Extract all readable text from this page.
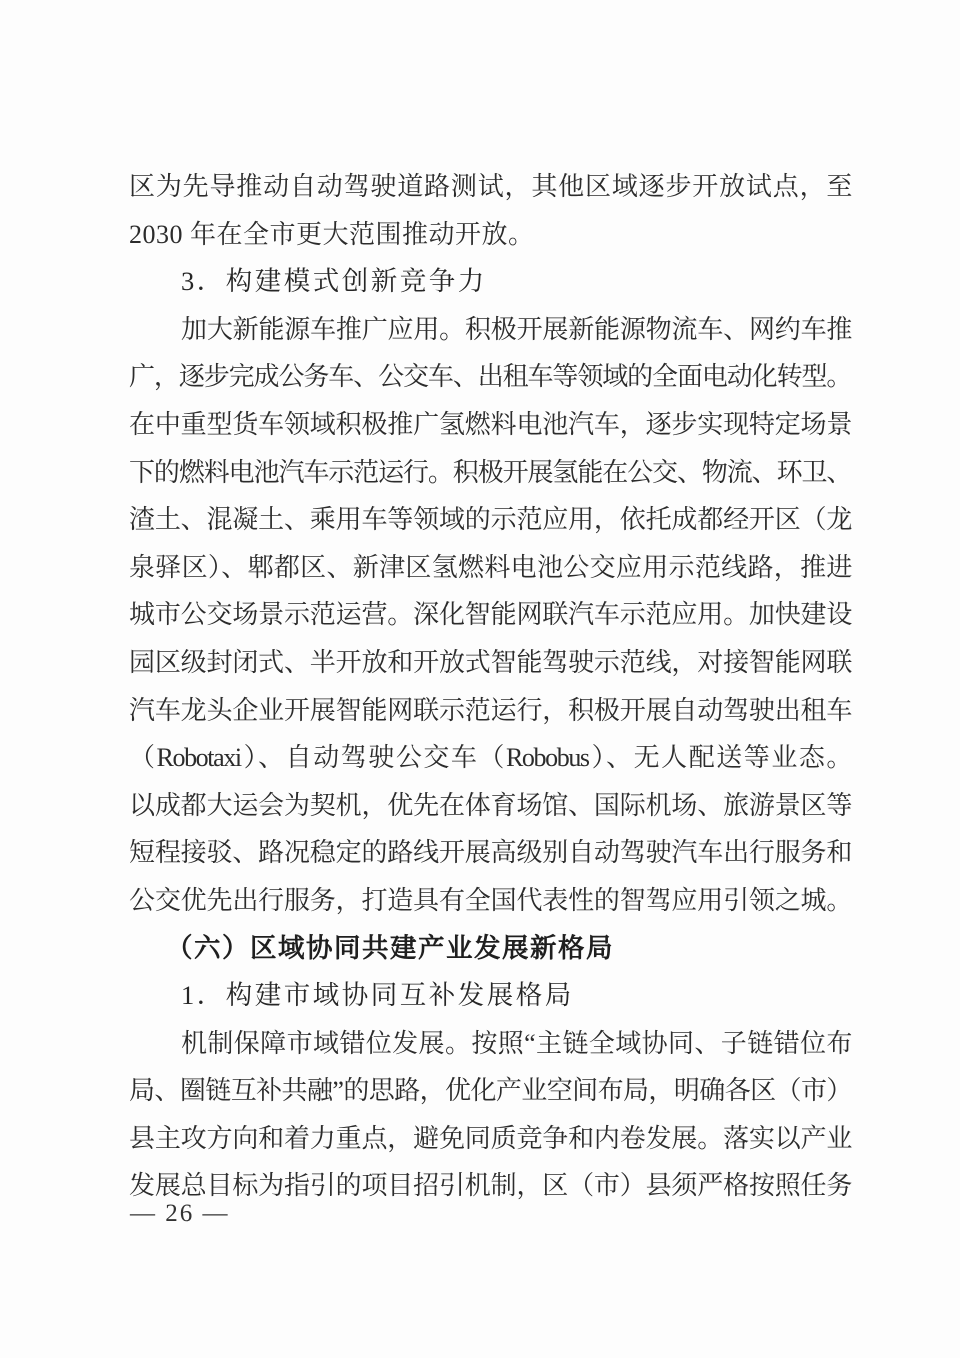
区为先导推动自动驾驶道路测试，其他区域逐步开放试点，至
2030 年在全市更大范围推动开放。
3．构建模式创新竞争力
加大新能源车推广应用。积极开展新能源物流车、网约车推
广，逐步完成公务车、公交车、出租车等领域的全面电动化转型。
在中重型货车领域积极推广氢燃料电池汽车，逐步实现特定场景
下的燃料电池汽车示范运行。积极开展氢能在公交、物流、环卫、
渣土、混凝土、乘用车等领域的示范应用，依托成都经开区（龙
泉驿区）、郫都区、新津区氢燃料电池公交应用示范线路，推进
城市公交场景示范运营。深化智能网联汽车示范应用。加快建设
园区级封闭式、半开放和开放式智能驾驶示范线，对接智能网联
汽车龙头企业开展智能网联示范运行，积极开展自动驾驶出租车
（Robotaxi）、自动驾驶公交车（Robobus）、无人配送等业态。
以成都大运会为契机，优先在体育场馆、国际机场、旅游景区等
短程接驳、路况稳定的路线开展高级别自动驾驶汽车出行服务和
公交优先出行服务，打造具有全国代表性的智驾应用引领之城。
（六）区域协同共建产业发展新格局
1．构建市域协同互补发展格局
机制保障市域错位发展。按照“主链全域协同、子链错位布
局、圈链互补共融”的思路，优化产业空间布局，明确各区（市）
县主攻方向和着力重点，避免同质竞争和内卷发展。落实以产业
发展总目标为指引的项目招引机制，区（市）县须严格按照任务
— 26 —
